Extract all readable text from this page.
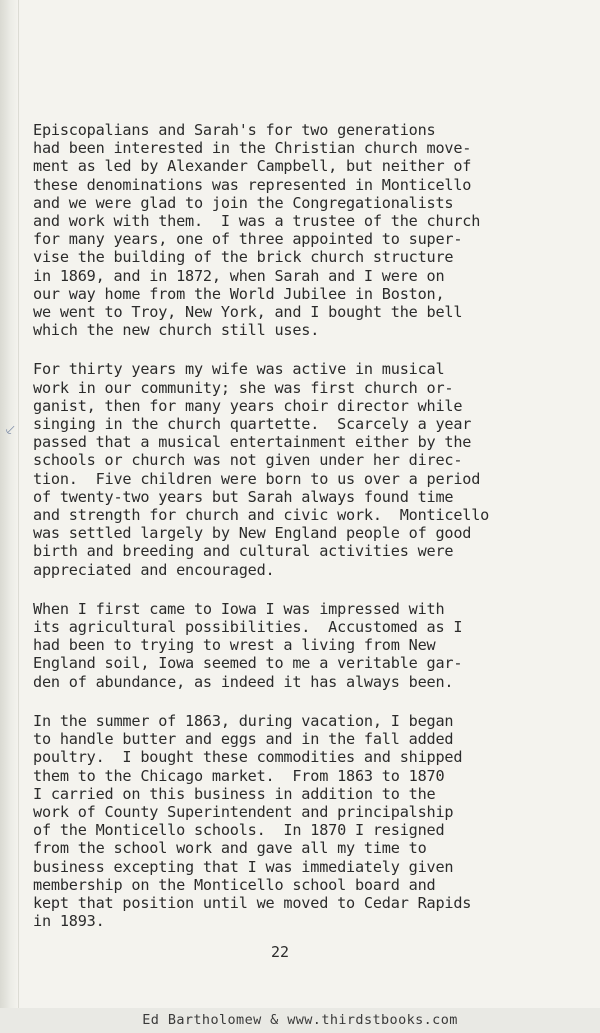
⸔

Episcopalians and Sarah's for two generations
had been interested in the Christian church move-
ment as led by Alexander Campbell, but neither of
these denominations was represented in Monticello
and we were glad to join the Congregationalists
and work with them.  I was a trustee of the church
for many years, one of three appointed to super-
vise the building of the brick church structure
in 1869, and in 1872, when Sarah and I were on
our way home from the World Jubilee in Boston,
we went to Troy, New York, and I bought the bell
which the new church still uses.

For thirty years my wife was active in musical
work in our community; she was first church or-
ganist, then for many years choir director while
singing in the church quartette.  Scarcely a year
passed that a musical entertainment either by the
schools or church was not given under her direc-
tion.  Five children were born to us over a period
of twenty-two years but Sarah always found time
and strength for church and civic work.  Monticello
was settled largely by New England people of good
birth and breeding and cultural activities were
appreciated and encouraged.

When I first came to Iowa I was impressed with
its agricultural possibilities.  Accustomed as I
had been to trying to wrest a living from New
England soil, Iowa seemed to me a veritable gar-
den of abundance, as indeed it has always been.

In the summer of 1863, during vacation, I began
to handle butter and eggs and in the fall added
poultry.  I bought these commodities and shipped
them to the Chicago market.  From 1863 to 1870
I carried on this business in addition to the
work of County Superintendent and principalship
of the Monticello schools.  In 1870 I resigned
from the school work and gave all my time to
business excepting that I was immediately given
membership on the Monticello school board and
kept that position until we moved to Cedar Rapids
in 1893.

22
Ed Bartholomew & www.thirdstbooks.com
